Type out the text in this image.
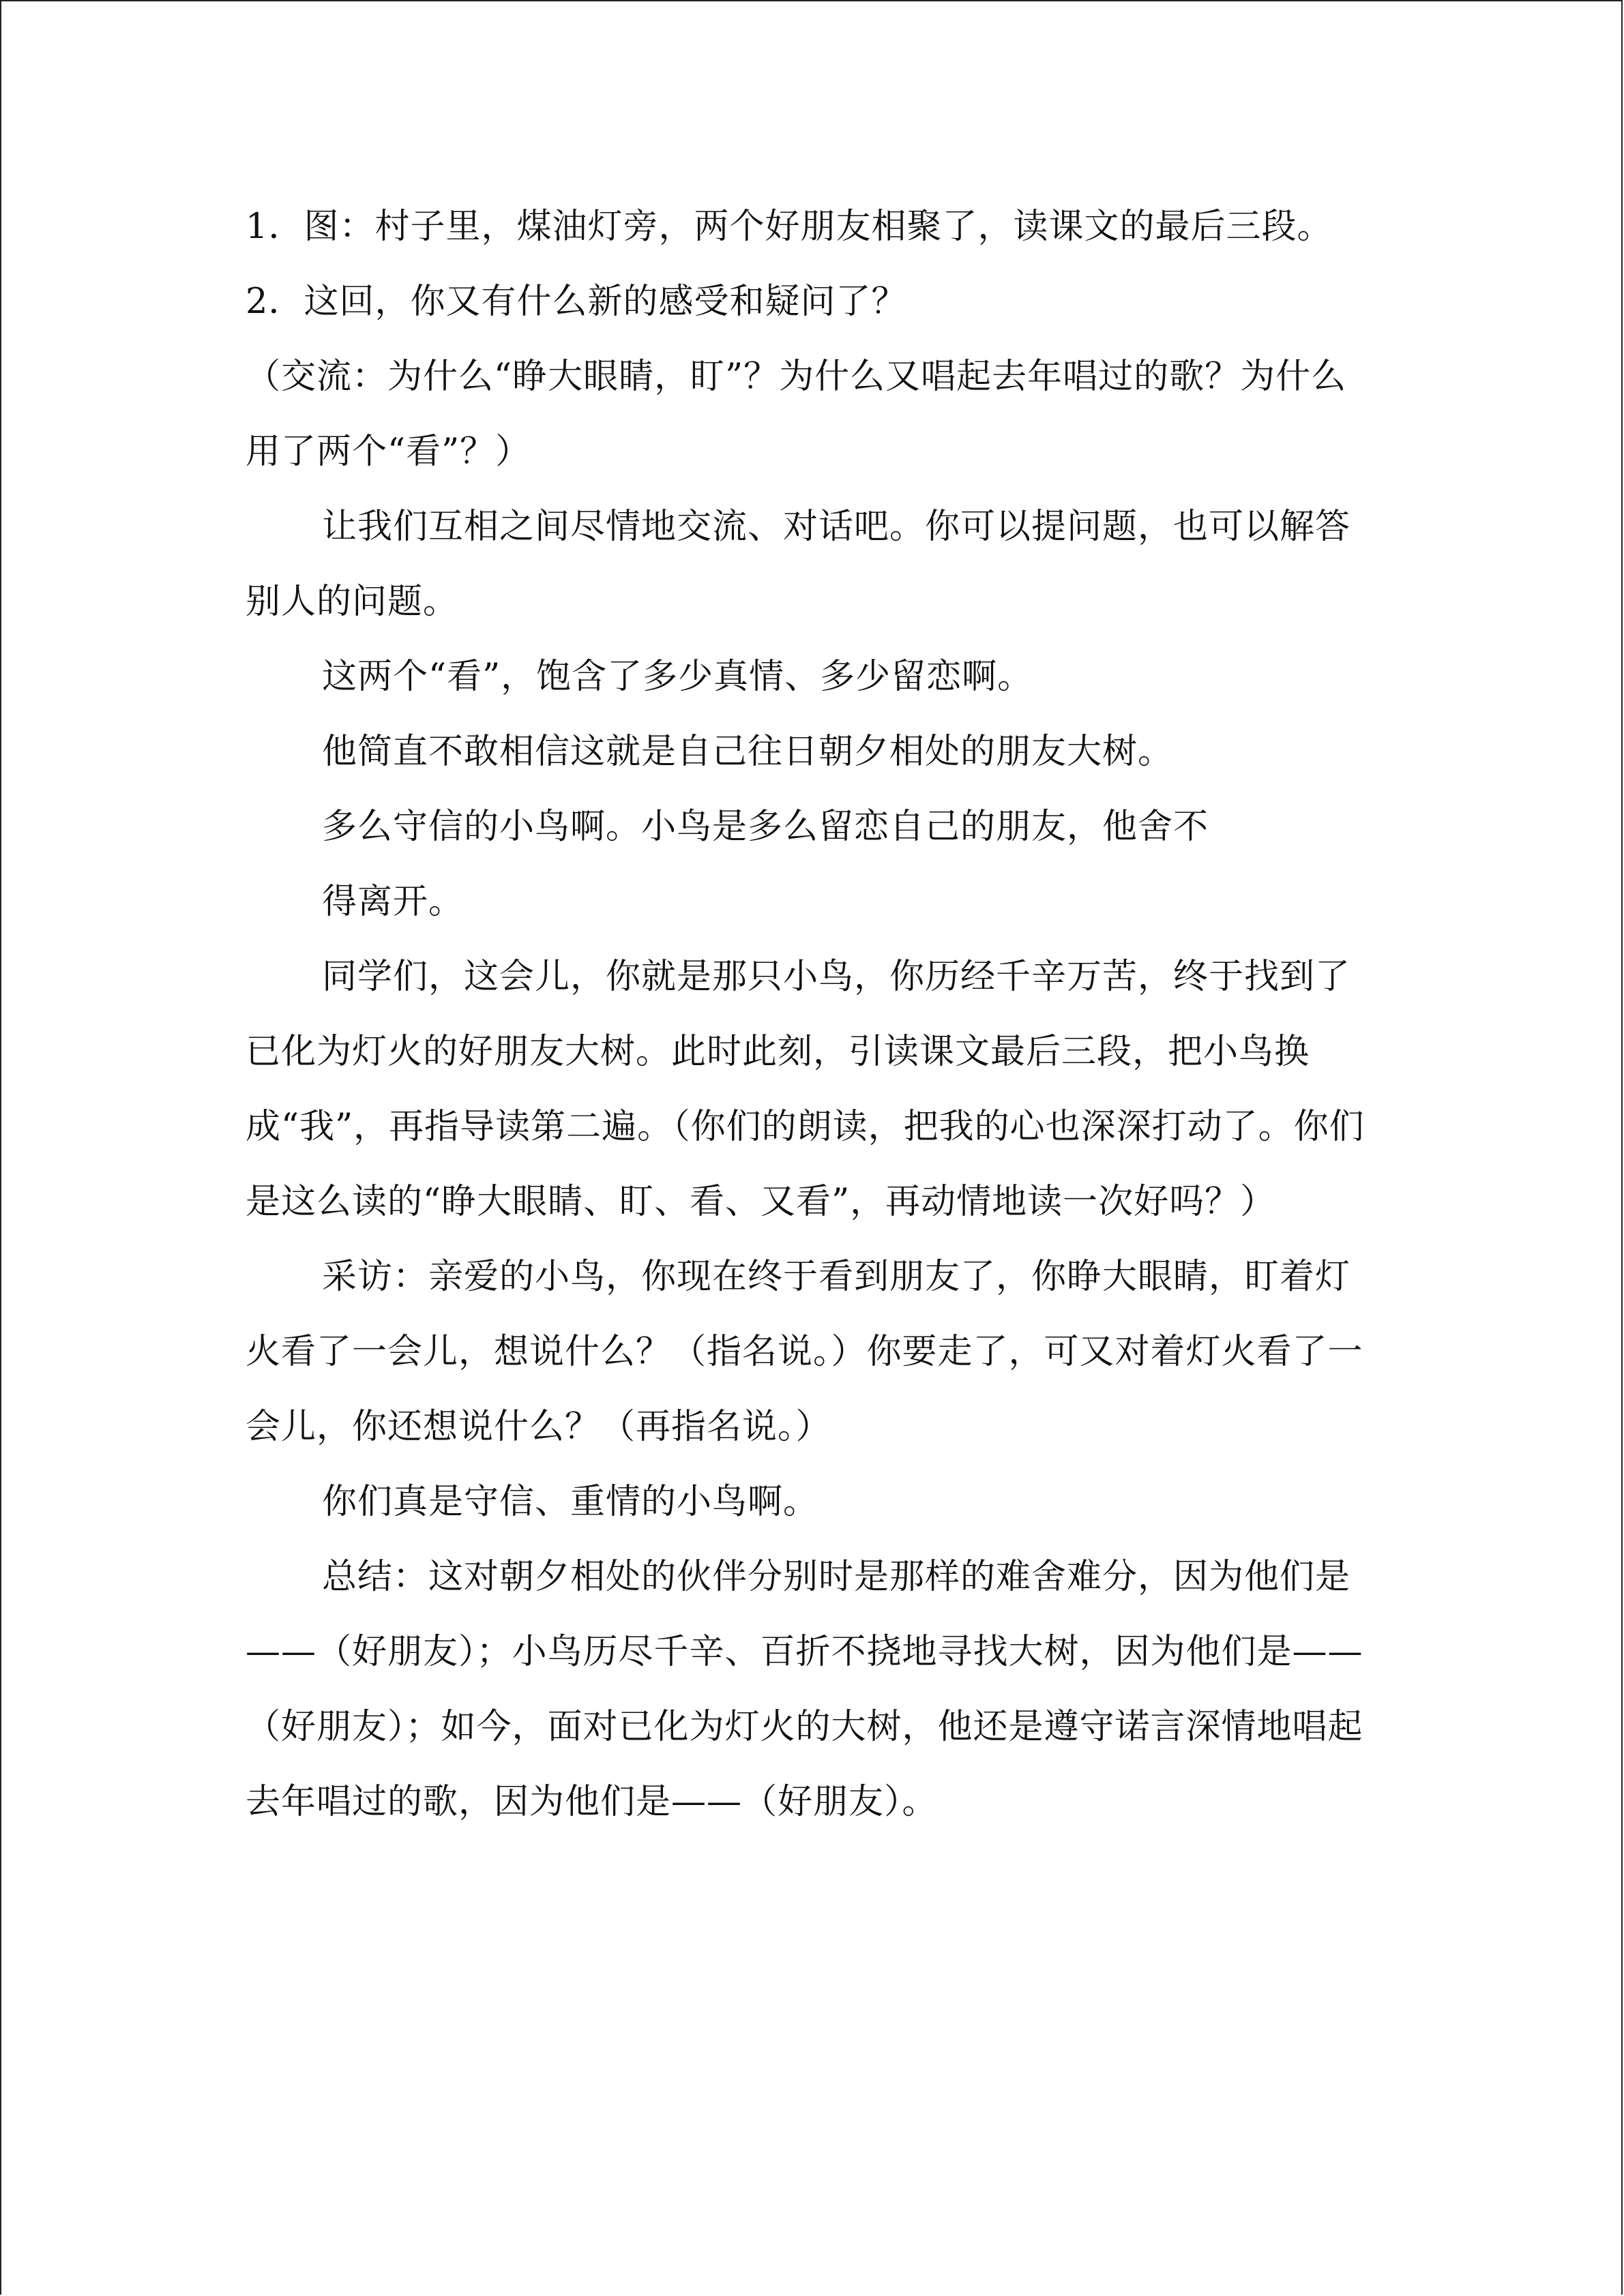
1．图：村子里，煤油灯旁，两个好朋友相聚了，读课文的最后三段。

2．这回，你又有什么新的感受和疑问了？

（交流：为什么“睁大眼睛，盯”？为什么又唱起去年唱过的歌？为什么用了两个“看”？）

让我们互相之间尽情地交流、对话吧。你可以提问题，也可以解答别人的问题。

这两个“看”，饱含了多少真情、多少留恋啊。

他简直不敢相信这就是自己往日朝夕相处的朋友大树。

多么守信的小鸟啊。小鸟是多么留恋自己的朋友，他舍不

得离开。

同学们，这会儿，你就是那只小鸟，你历经千辛万苦，终于找到了已化为灯火的好朋友大树。此时此刻，引读课文最后三段，把小鸟换成“我”，再指导读第二遍。（你们的朗读，把我的心也深深打动了。你们是这么读的“睁大眼睛、盯、看、又看”，再动情地读一次好吗？）

采访：亲爱的小鸟，你现在终于看到朋友了，你睁大眼睛，盯着灯火看了一会儿，想说什么？（指名说。）你要走了，可又对着灯火看了一会儿，你还想说什么？（再指名说。）

你们真是守信、重情的小鸟啊。

总结：这对朝夕相处的伙伴分别时是那样的难舍难分，因为他们是——（好朋友）；小鸟历尽千辛、百折不挠地寻找大树，因为他们是——（好朋友）；如今，面对已化为灯火的大树，他还是遵守诺言深情地唱起去年唱过的歌，因为他们是——（好朋友）。
